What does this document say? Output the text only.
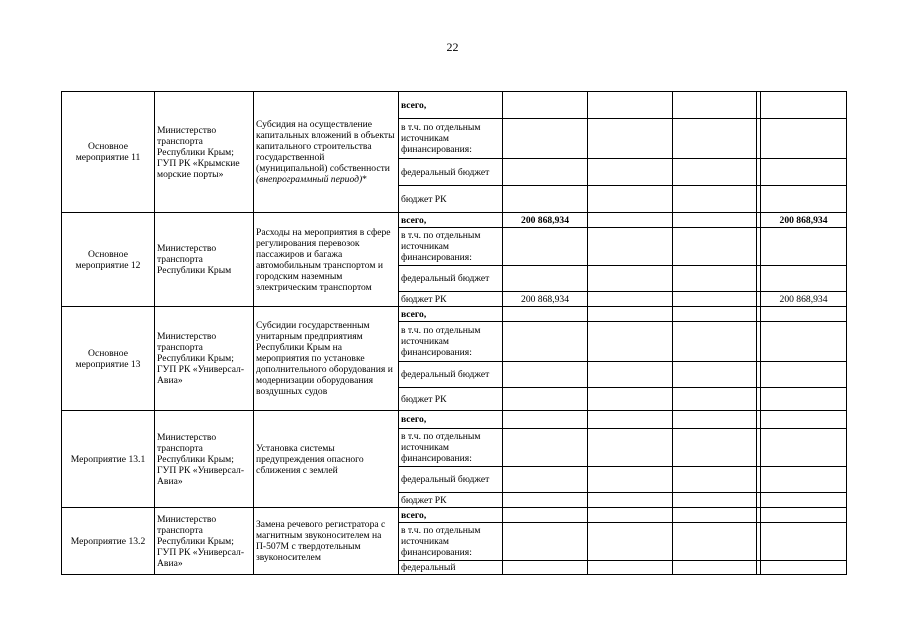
22
Основное мероприятие 11	Министерство транспорта Республики Крым; ГУП РК «Крымские морские порты»	Субсидия на осуществление капитальных вложений в объекты капитального строительства государственной (муниципальной) собственности (внепрограммный период)*	всего,					
			в т.ч. по отдельным источникам финансирования:					
			федеральный бюджет					
			бюджет РК					
Основное мероприятие 12	Министерство транспорта Республики Крым	Расходы на мероприятия в сфере регулирования перевозок пассажиров и багажа автомобильным транспортом и городским наземным электрическим транспортом	всего,	200 868,934				200 868,934
			в т.ч. по отдельным источникам финансирования:					
			федеральный бюджет					
			бюджет РК	200 868,934				200 868,934
Основное мероприятие 13	Министерство транспорта Республики Крым; ГУП РК «Универсал-Авиа»	Субсидии государственным унитарным предприятиям Республики Крым на мероприятия по установке дополнительного оборудования и модернизации оборудования воздушных судов	всего,					
			в т.ч. по отдельным источникам финансирования:					
			федеральный бюджет					
			бюджет РК					
Мероприятие 13.1	Министерство транспорта Республики Крым; ГУП РК «Универсал-Авиа»	Установка системы предупреждения опасного сближения с землей	всего,					
			в т.ч. по отдельным источникам финансирования:					
			федеральный бюджет					
			бюджет РК					
Мероприятие 13.2	Министерство транспорта Республики Крым; ГУП РК «Универсал-Авиа»	Замена речевого регистратора с магнитным звуконосителем на П-507М с твердотельным звуконосителем	всего,					
			в т.ч. по отдельным источникам финансирования:					
			федеральный					
